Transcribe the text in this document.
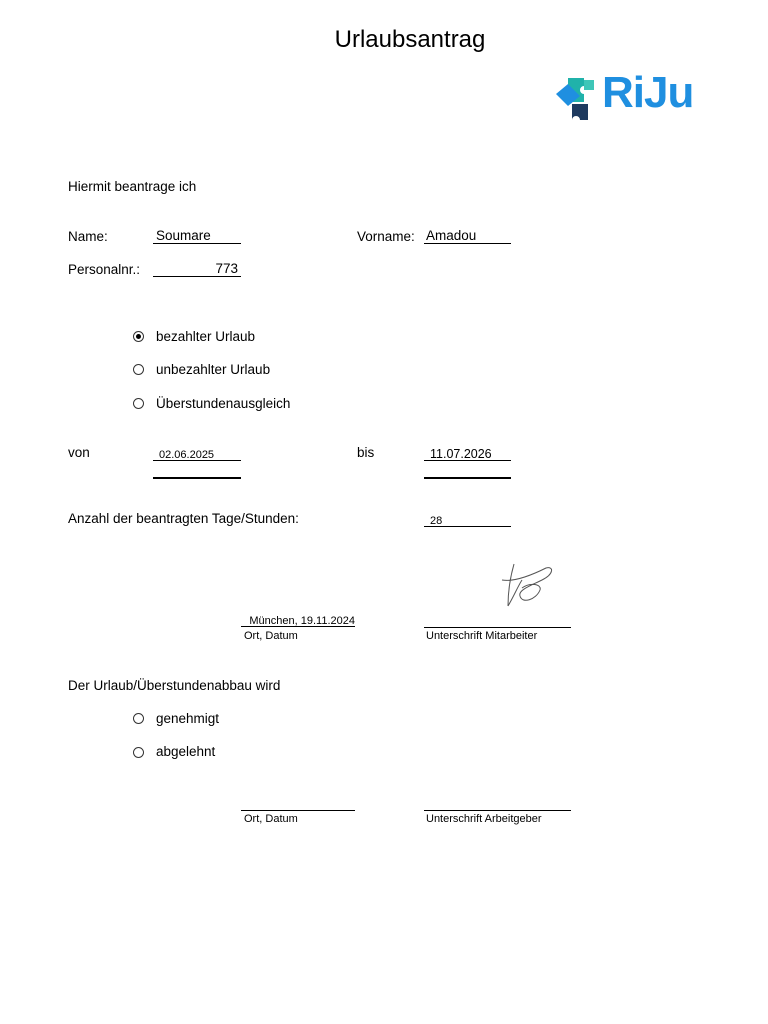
Urlaubsantrag
RiJu
Hiermit beantrage ich
Name:	Soumare	Vorname: Amadou
Personalnr.:	773
bezahlter Urlaub
unbezahlter Urlaub
Überstundenausgleich
von	02.06.2025	bis	11.07.2026
Anzahl der beantragten Tage/Stunden:	28
München, 19.11.2024
Ort, Datum	Unterschrift Mitarbeiter
Der Urlaub/Überstundenabbau wird
genehmigt
abgelehnt
Ort, Datum	Unterschrift Arbeitgeber
